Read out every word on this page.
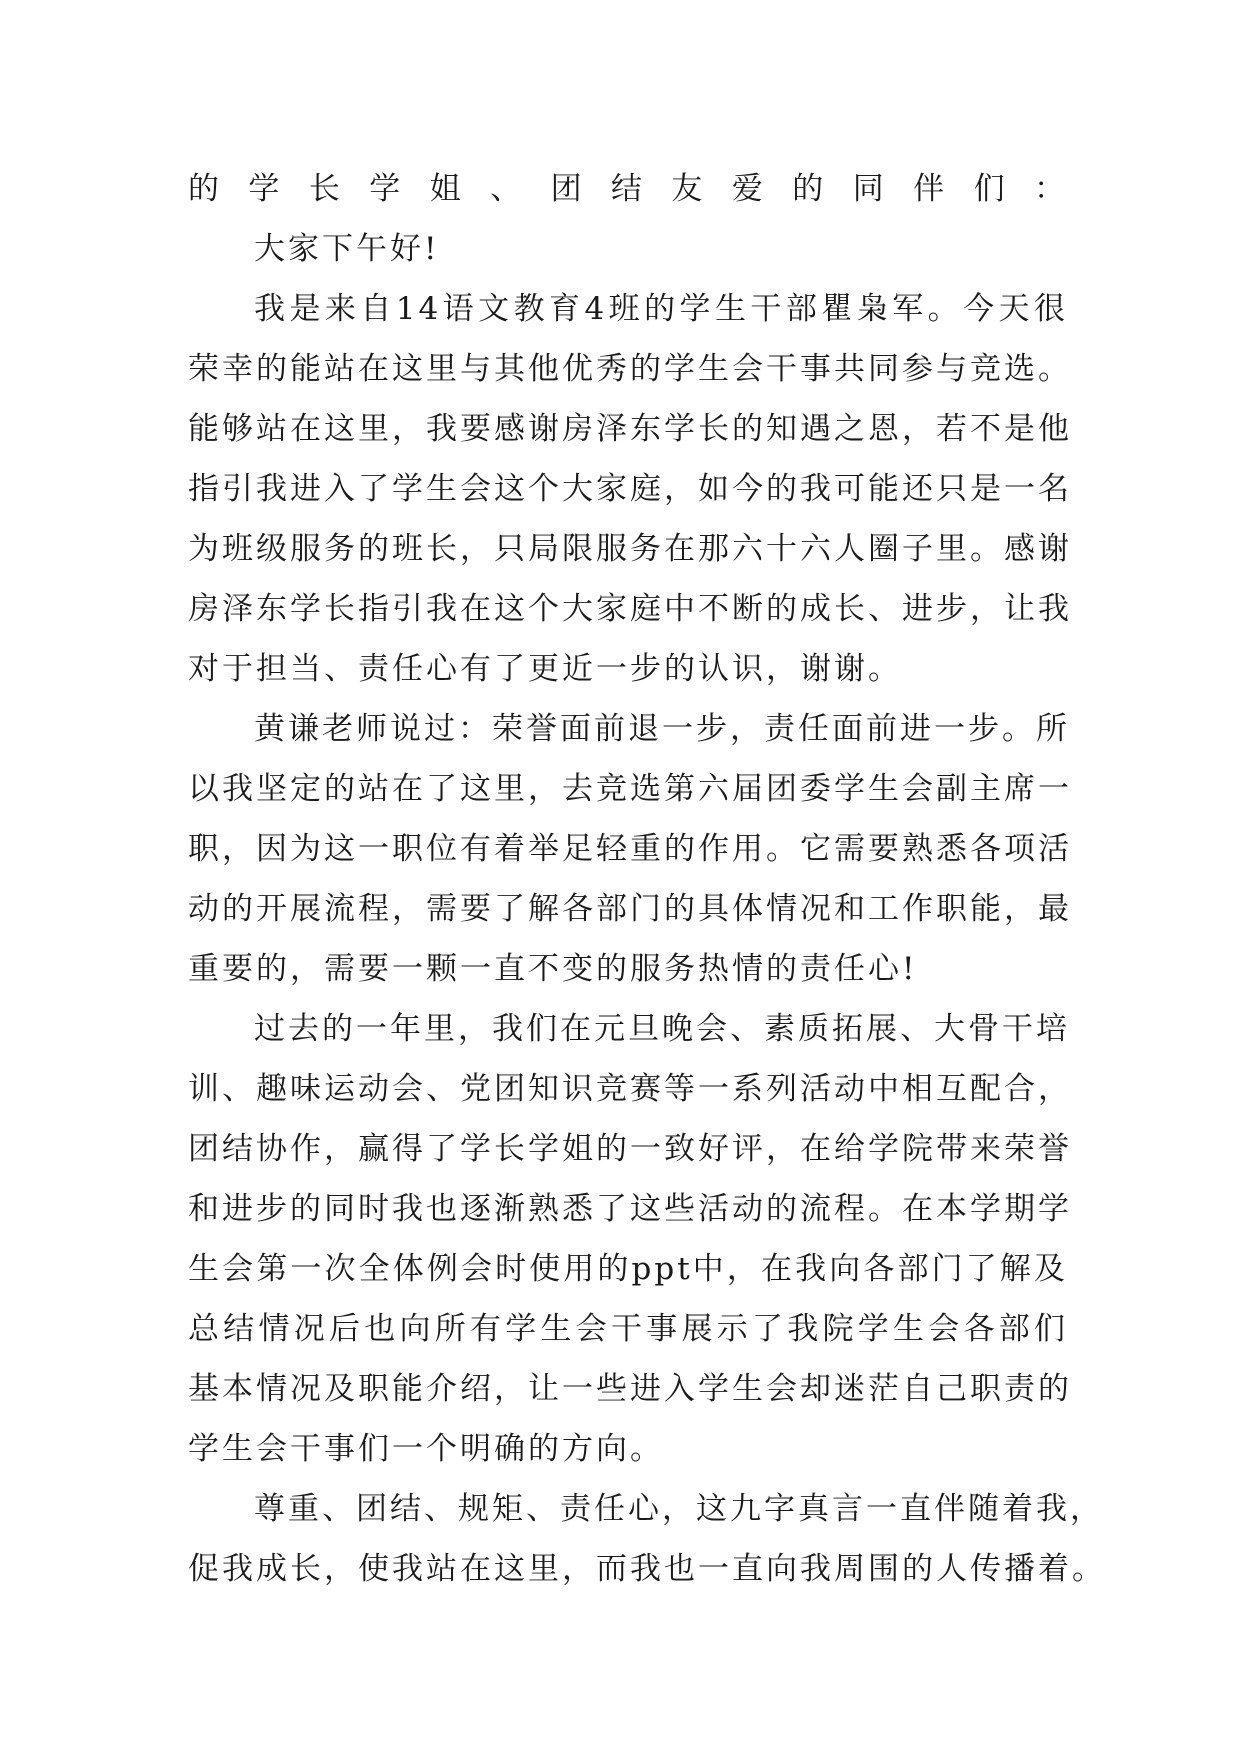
的学长学姐、团结友爱的同伴们：
大家下午好!
我是来自14语文教育4班的学生干部瞿枭军。今天很
荣幸的能站在这里与其他优秀的学生会干事共同参与竞选。
能够站在这里，我要感谢房泽东学长的知遇之恩，若不是他
指引我进入了学生会这个大家庭，如今的我可能还只是一名
为班级服务的班长，只局限服务在那六十六人圈子里。感谢
房泽东学长指引我在这个大家庭中不断的成长、进步，让我
对于担当、责任心有了更近一步的认识，谢谢。
黄谦老师说过：荣誉面前退一步，责任面前进一步。所
以我坚定的站在了这里，去竞选第六届团委学生会副主席一
职，因为这一职位有着举足轻重的作用。它需要熟悉各项活
动的开展流程，需要了解各部门的具体情况和工作职能，最
重要的，需要一颗一直不变的服务热情的责任心!
过去的一年里，我们在元旦晚会、素质拓展、大骨干培
训、趣味运动会、党团知识竞赛等一系列活动中相互配合，
团结协作，赢得了学长学姐的一致好评，在给学院带来荣誉
和进步的同时我也逐渐熟悉了这些活动的流程。在本学期学
生会第一次全体例会时使用的ppt中，在我向各部门了解及
总结情况后也向所有学生会干事展示了我院学生会各部们
基本情况及职能介绍，让一些进入学生会却迷茫自己职责的
学生会干事们一个明确的方向。
尊重、团结、规矩、责任心，这九字真言一直伴随着我，
促我成长，使我站在这里，而我也一直向我周围的人传播着。
